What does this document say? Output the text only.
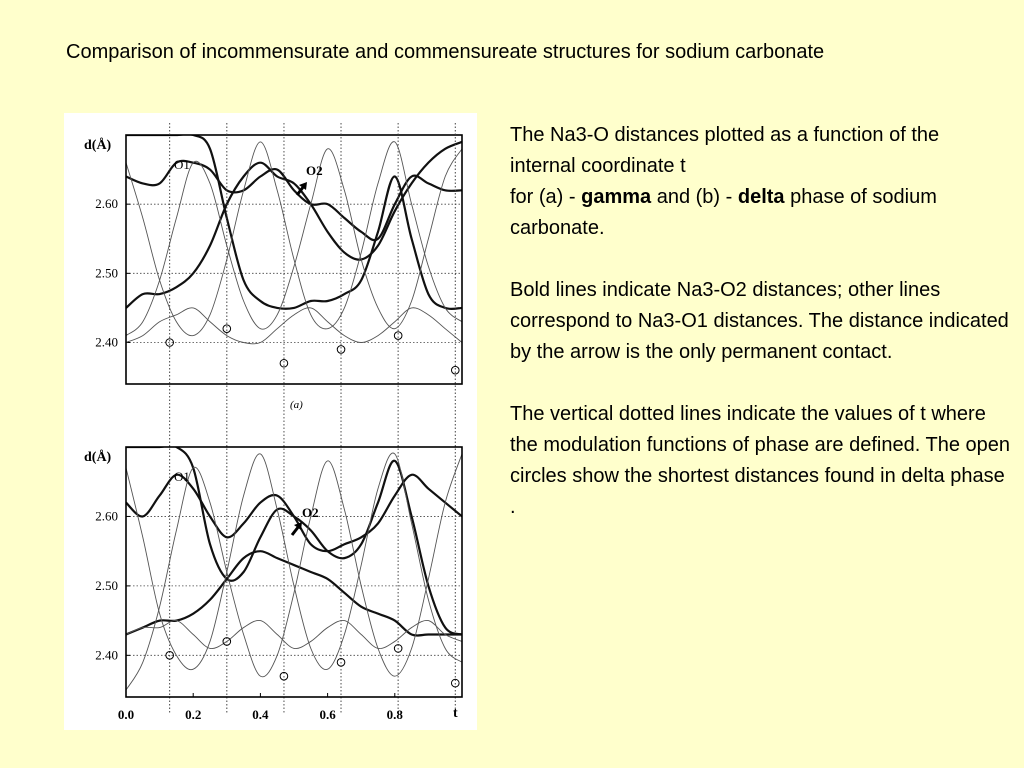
Comparison of incommensurate and commensureate structures for sodium carbonate
2.60
2.50
2.40
d(Å)
O1	O2
(a)
2.60
2.50
2.40
d(Å)
O1
O2
0.0	0.2	0.4	0.6	0.8	t

The Na3-O distances plotted as a function of the internal coordinate t
for (a) - gamma and (b) - delta phase of sodium carbonate.

Bold lines indicate Na3-O2 distances; other lines correspond to Na3-O1 distances. The distance indicated by the arrow is the only permanent contact.

The vertical dotted lines indicate the values of t where the modulation functions of phase are defined. The open circles show the shortest distances found in delta phase
.
